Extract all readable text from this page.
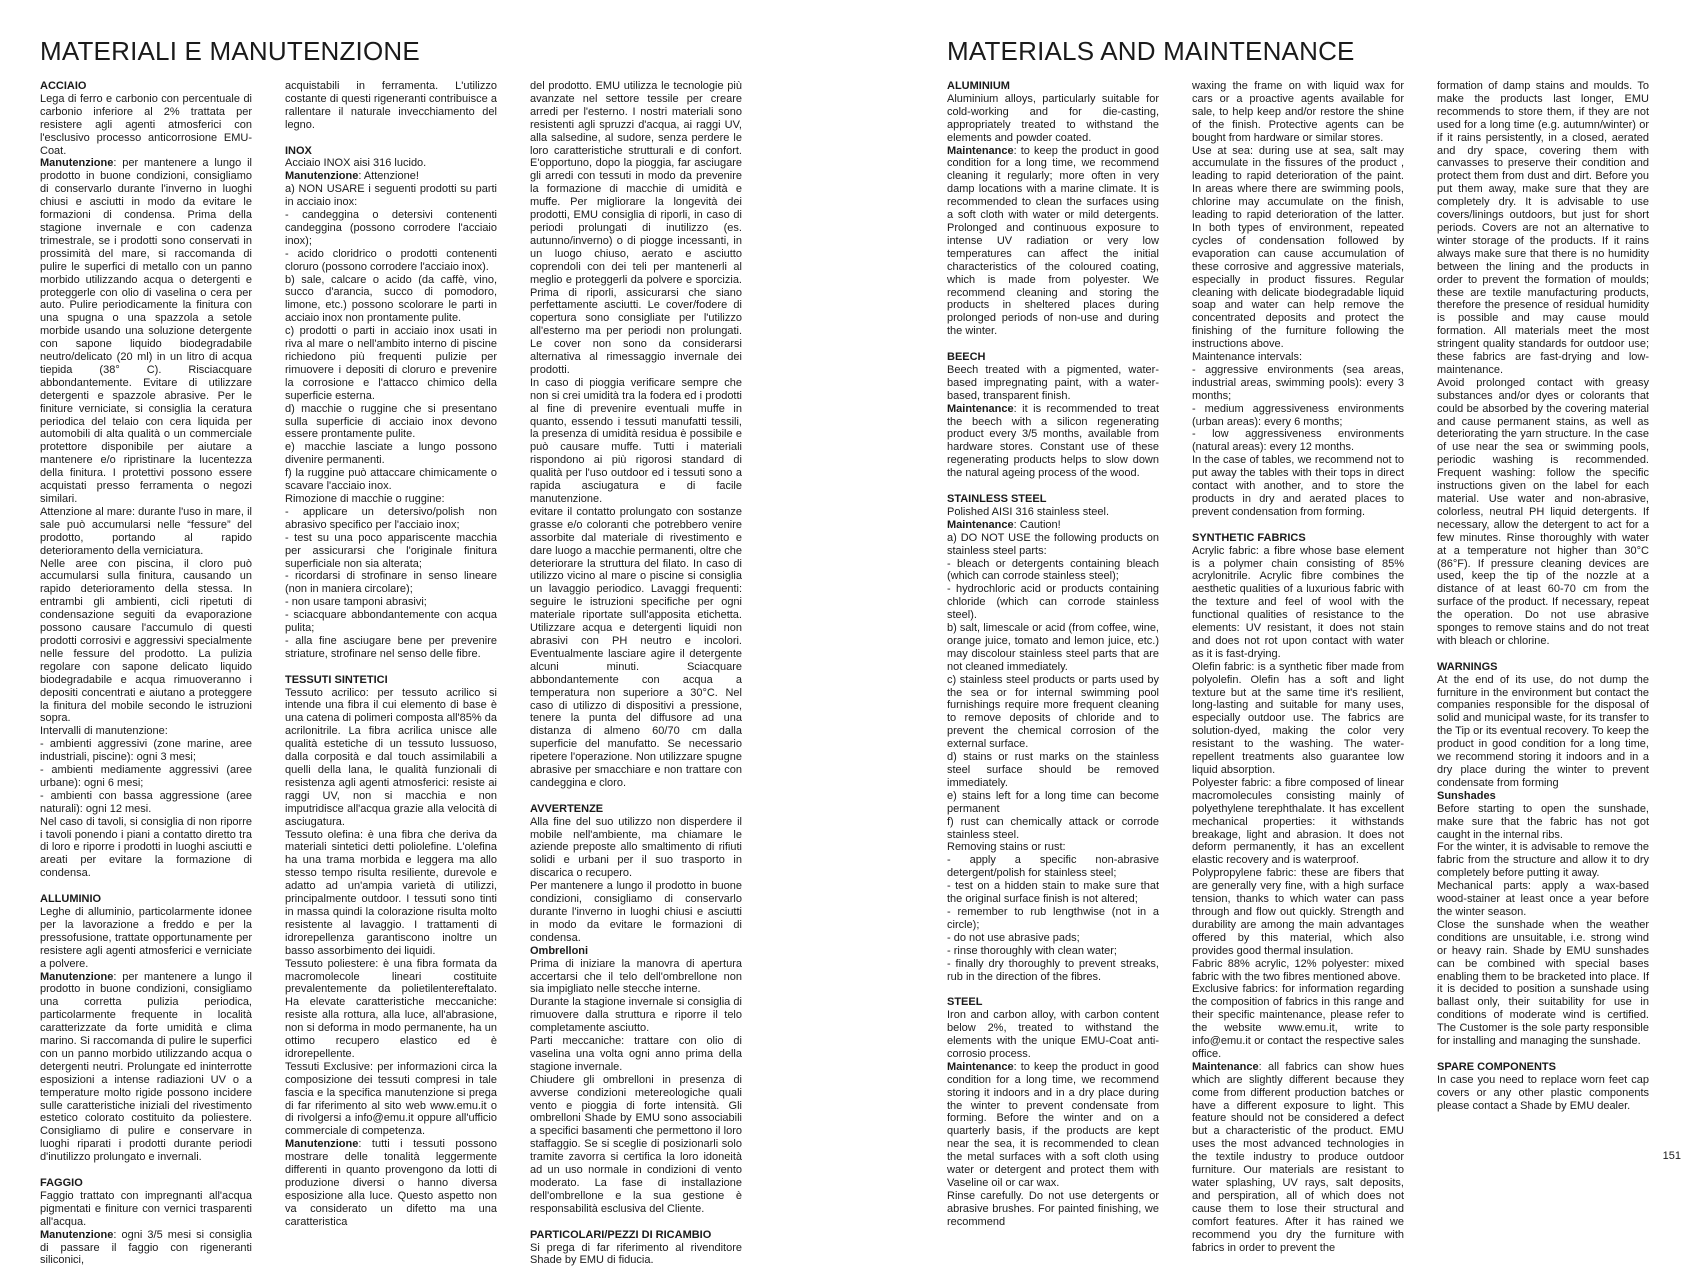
MATERIALI E MANUTENZIONE
ACCIAIO

Lega di ferro e carbonio con percentuale di carbonio inferiore al 2% trattata per resistere agli agenti atmosferici con l'esclusivo processo anticorrosione EMU-Coat.

Manutenzione: per mantenere a lungo il prodotto in buone condizioni, consigliamo di conservarlo durante l'inverno in luoghi chiusi e asciutti in modo da evitare le formazioni di condensa. Prima della stagione invernale e con cadenza trimestrale, se i prodotti sono conservati in prossimità del mare, si raccomanda di pulire le superfici di metallo con un panno morbido utilizzando acqua o detergenti e proteggerle con olio di vaselina o cera per auto. Pulire periodicamente la finitura con una spugna o una spazzola a setole morbide usando una soluzione detergente con sapone liquido biodegradabile neutro/delicato (20 ml) in un litro di acqua tiepida (38° C). Risciacquare abbondantemente. Evitare di utilizzare detergenti e spazzole abrasive. Per le finiture verniciate, si consiglia la ceratura periodica del telaio con cera liquida per automobili di alta qualità o un commerciale protettore disponibile per aiutare a mantenere e/o ripristinare la lucentezza della finitura. I protettivi possono essere acquistati presso ferramenta o negozi similari.

Attenzione al mare: durante l'uso in mare, il sale può accumularsi nelle “fessure” del prodotto, portando al rapido deterioramento della verniciatura.

Nelle aree con piscina, il cloro può accumularsi sulla finitura, causando un rapido deterioramento della stessa. In entrambi gli ambienti, cicli ripetuti di condensazione seguiti da evaporazione possono causare l'accumulo di questi prodotti corrosivi e aggressivi specialmente nelle fessure del prodotto. La pulizia regolare con sapone delicato liquido biodegradabile e acqua rimuoveranno i depositi concentrati e aiutano a proteggere la finitura del mobile secondo le istruzioni sopra.

Intervalli di manutenzione:

- ambienti aggressivi (zone marine, aree industriali, piscine): ogni 3 mesi;

- ambienti mediamente aggressivi (aree urbane): ogni 6 mesi;

- ambienti con bassa aggressione (aree naturali): ogni 12 mesi.

Nel caso di tavoli, si consiglia di non riporre i tavoli ponendo i piani a contatto diretto tra di loro e riporre i prodotti in luoghi asciutti e areati per evitare la formazione di condensa.

ALLUMINIO

Leghe di alluminio, particolarmente idonee per la lavorazione a freddo e per la pressofusione, trattate opportunamente per resistere agli agenti atmosferici e verniciate a polvere.

Manutenzione: per mantenere a lungo il prodotto in buone condizioni, consigliamo una corretta pulizia periodica, particolarmente frequente in località caratterizzate da forte umidità e clima marino. Si raccomanda di pulire le superfici con un panno morbido utilizzando acqua o detergenti neutri. Prolungate ed ininterrotte esposizioni a intense radiazioni UV o a temperature molto rigide possono incidere sulle caratteristiche iniziali del rivestimento estetico colorato costituito da poliestere. Consigliamo di pulire e conservare in luoghi riparati i prodotti durante periodi d'inutilizzo prolungato e invernali.

FAGGIO

Faggio trattato con impregnanti all'acqua pigmentati e finiture con vernici trasparenti all'acqua.

Manutenzione: ogni 3/5 mesi si consiglia di passare il faggio con rigeneranti siliconici,

acquistabili in ferramenta. L'utilizzo costante di questi rigeneranti contribuisce a rallentare il naturale invecchiamento del legno.

INOX

Acciaio INOX aisi 316 lucido.

Manutenzione: Attenzione!

a) NON USARE i seguenti prodotti su parti in acciaio inox:

- candeggina o detersivi contenenti candeggina (possono corrodere l'acciaio inox);

- acido cloridrico o prodotti contenenti cloruro (possono corrodere l'acciaio inox).

b) sale, calcare o acido (da caffè, vino, succo d'arancia, succo di pomodoro, limone, etc.) possono scolorare le parti in acciaio inox non prontamente pulite.

c) prodotti o parti in acciaio inox usati in riva al mare o nell'ambito interno di piscine richiedono più frequenti pulizie per rimuovere i depositi di cloruro e prevenire la corrosione e l'attacco chimico della superficie esterna.

d) macchie o ruggine che si presentano sulla superficie di acciaio inox devono essere prontamente pulite.

e) macchie lasciate a lungo possono divenire permanenti.

f) la ruggine può attaccare chimicamente o scavare l'acciaio inox.

Rimozione di macchie o ruggine:

- applicare un detersivo/polish non abrasivo specifico per l'acciaio inox;

- test su una poco appariscente macchia per assicurarsi che l'originale finitura superficiale non sia alterata;

- ricordarsi di strofinare in senso lineare (non in maniera circolare);

- non usare tamponi abrasivi;

- sciacquare abbondantemente con acqua pulita;

- alla fine asciugare bene per prevenire striature, strofinare nel senso delle fibre.

TESSUTI SINTETICI

Tessuto acrilico: per tessuto acrilico si intende una fibra il cui elemento di base è una catena di polimeri composta all'85% da acrilonitrile. La fibra acrilica unisce alle qualità estetiche di un tessuto lussuoso, dalla corposità e dal touch assimilabili a quelli della lana, le qualità funzionali di resistenza agli agenti atmosferici: resiste ai raggi UV, non si macchia e non imputridisce all'acqua grazie alla velocità di asciugatura.

Tessuto olefina: è una fibra che deriva da materiali sintetici detti poliolefine. L'olefina ha una trama morbida e leggera ma allo stesso tempo risulta resiliente, durevole e adatto ad un'ampia varietà di utilizzi, principalmente outdoor. I tessuti sono tinti in massa quindi la colorazione risulta molto resistente al lavaggio. I trattamenti di idrorepellenza garantiscono inoltre un basso assorbimento dei liquidi.

Tessuto poliestere: è una fibra formata da macromolecole lineari costituite prevalentemente da polietilentereftalato. Ha elevate caratteristiche meccaniche: resiste alla rottura, alla luce, all'abrasione, non si deforma in modo permanente, ha un ottimo recupero elastico ed è idrorepellente.

Tessuti Exclusive: per informazioni circa la composizione dei tessuti compresi in tale fascia e la specifica manutenzione si prega di far riferimento al sito web www.emu.it o di rivolgersi a info@emu.it oppure all'ufficio commerciale di competenza.

Manutenzione: tutti i tessuti possono mostrare delle tonalità leggermente differenti in quanto provengono da lotti di produzione diversi o hanno diversa esposizione alla luce. Questo aspetto non va considerato un difetto ma una caratteristica

del prodotto. EMU utilizza le tecnologie più avanzate nel settore tessile per creare arredi per l'esterno. I nostri materiali sono resistenti agli spruzzi d'acqua, ai raggi UV, alla salsedine, al sudore, senza perdere le loro caratteristiche strutturali e di confort. E'opportuno, dopo la pioggia, far asciugare gli arredi con tessuti in modo da prevenire la formazione di macchie di umidità e muffe. Per migliorare la longevità dei prodotti, EMU consiglia di riporli, in caso di periodi prolungati di inutilizzo (es. autunno/inverno) o di piogge incessanti, in un luogo chiuso, aerato e asciutto coprendoli con dei teli per mantenerli al meglio e proteggerli da polvere e sporcizia. Prima di riporli, assicurarsi che siano perfettamente asciutti. Le cover/fodere di copertura sono consigliate per l'utilizzo all'esterno ma per periodi non prolungati. Le cover non sono da considerarsi alternativa al rimessaggio invernale dei prodotti.

In caso di pioggia verificare sempre che non si crei umidità tra la fodera ed i prodotti al fine di prevenire eventuali muffe in quanto, essendo i tessuti manufatti tessili, la presenza di umidità residua è possibile e può causare muffe. Tutti i materiali rispondono ai più rigorosi standard di qualità per l'uso outdoor ed i tessuti sono a rapida asciugatura e di facile manutenzione.

evitare il contatto prolungato con sostanze grasse e/o coloranti che potrebbero venire assorbite dal materiale di rivestimento e dare luogo a macchie permanenti, oltre che deteriorare la struttura del filato. In caso di utilizzo vicino al mare o piscine si consiglia un lavaggio periodico. Lavaggi frequenti: seguire le istruzioni specifiche per ogni materiale riportate sull'apposita etichetta. Utilizzare acqua e detergenti liquidi non abrasivi con PH neutro e incolori. Eventualmente lasciare agire il detergente alcuni minuti. Sciacquare abbondantemente con acqua a temperatura non superiore a 30°C. Nel caso di utilizzo di dispositivi a pressione, tenere la punta del diffusore ad una distanza di almeno 60/70 cm dalla superficie del manufatto. Se necessario ripetere l'operazione. Non utilizzare spugne abrasive per smacchiare e non trattare con candeggina e cloro.

AVVERTENZE

Alla fine del suo utilizzo non disperdere il mobile nell'ambiente, ma chiamare le aziende preposte allo smaltimento di rifiuti solidi e urbani per il suo trasporto in discarica o recupero.

Per mantenere a lungo il prodotto in buone condizioni, consigliamo di conservarlo durante l'inverno in luoghi chiusi e asciutti in modo da evitare le formazioni di condensa.

Ombrelloni

Prima di iniziare la manovra di apertura accertarsi che il telo dell'ombrellone non sia impigliato nelle stecche interne.

Durante la stagione invernale si consiglia di rimuovere dalla struttura e riporre il telo completamente asciutto.

Parti meccaniche: trattare con olio di vaselina una volta ogni anno prima della stagione invernale.

Chiudere gli ombrelloni in presenza di avverse condizioni metereologiche quali vento e pioggia di forte intensità. Gli ombrelloni Shade by EMU sono associabili a specifici basamenti che permettono il loro staffaggio. Se si sceglie di posizionarli solo tramite zavorra si certifica la loro idoneità ad un uso normale in condizioni di vento moderato. La fase di installazione dell'ombrellone e la sua gestione è responsabilità esclusiva del Cliente.

PARTICOLARI/PEZZI DI RICAMBIO

Si prega di far riferimento al rivenditore Shade by EMU di fiducia.

MATERIALS AND MAINTENANCE
ALUMINIUM

Aluminium alloys, particularly suitable for cold-working and for die-casting, appropriately treated to withstand the elements and powder coated.

Maintenance: to keep the product in good condition for a long time, we recommend cleaning it regularly; more often in very damp locations with a marine climate. It is recommended to clean the surfaces using a soft cloth with water or mild detergents. Prolonged and continuous exposure to intense UV radiation or very low temperatures can affect the initial characteristics of the coloured coating, which is made from polyester. We recommend cleaning and storing the products in sheltered places during prolonged periods of non-use and during the winter.

BEECH

Beech treated with a pigmented, water-based impregnating paint, with a water-based, transparent finish.

Maintenance: it is recommended to treat the beech with a silicon regenerating product every 3/5 months, available from hardware stores. Constant use of these regenerating products helps to slow down the natural ageing process of the wood.

STAINLESS STEEL

Polished AISI 316 stainless steel.

Maintenance: Caution!

a) DO NOT USE the following products on stainless steel parts:

- bleach or detergents containing bleach (which can corrode stainless steel);

- hydrochloric acid or products containing chloride (which can corrode stainless steel).

b) salt, limescale or acid (from coffee, wine, orange juice, tomato and lemon juice, etc.) may discolour stainless steel parts that are not cleaned immediately.

c) stainless steel products or parts used by the sea or for internal swimming pool furnishings require more frequent cleaning to remove deposits of chloride and to prevent the chemical corrosion of the external surface.

d) stains or rust marks on the stainless steel surface should be removed immediately.

e) stains left for a long time can become permanent

f) rust can chemically attack or corrode stainless steel.

Removing stains or rust:

- apply a specific non-abrasive detergent/polish for stainless steel;

- test on a hidden stain to make sure that the original surface finish is not altered;

- remember to rub lengthwise (not in a circle);

- do not use abrasive pads;

- rinse thoroughly with clean water;

- finally dry thoroughly to prevent streaks, rub in the direction of the fibres.

STEEL

Iron and carbon alloy, with carbon content below 2%, treated to withstand the elements with the unique EMU-Coat anti-corrosio process.

Maintenance: to keep the product in good condition for a long time, we recommend storing it indoors and in a dry place during the winter to prevent condensate from forming. Before the winter and on a quarterly basis, if the products are kept near the sea, it is recommended to clean the metal surfaces with a soft cloth using water or detergent and protect them with Vaseline oil or car wax.

Rinse carefully. Do not use detergents or abrasive brushes. For painted finishing, we recommend

waxing the frame on with liquid wax for cars or a proactive agents available for sale, to help keep and/or restore the shine of the finish. Protective agents can be bought from hardware or similar stores.

Use at sea: during use at sea, salt may accumulate in the fissures of the product , leading to rapid deterioration of the paint. In areas where there are swimming pools, chlorine may accumulate on the finish, leading to rapid deterioration of the latter. In both types of environment, repeated cycles of condensation followed by evaporation can cause accumulation of these corrosive and aggressive materials, especially in product fissures. Regular cleaning with delicate biodegradable liquid soap and water can help remove the concentrated deposits and protect the finishing of the furniture following the instructions above.

Maintenance intervals:

- aggressive environments (sea areas, industrial areas, swimming pools): every 3 months;

- medium aggressiveness environments (urban areas): every 6 months;

- low aggressiveness environments (natural areas): every 12 months.

In the case of tables, we recommend not to put away the tables with their tops in direct contact with another, and to store the products in dry and aerated places to prevent condensation from forming.

SYNTHETIC FABRICS

Acrylic fabric: a fibre whose base element is a polymer chain consisting of 85% acrylonitrile. Acrylic fibre combines the aesthetic qualities of a luxurious fabric with the texture and feel of wool with the functional qualities of resistance to the elements: UV resistant, it does not stain and does not rot upon contact with water as it is fast-drying.

Olefin fabric: is a synthetic fiber made from polyolefin. Olefin has a soft and light texture but at the same time it's resilient, long-lasting and suitable for many uses, especially outdoor use. The fabrics are solution-dyed, making the color very resistant to the washing. The water-repellent treatments also guarantee low liquid absorption.

Polyester fabric: a fibre composed of linear macromolecules consisting mainly of polyethylene terephthalate. It has excellent mechanical properties: it withstands breakage, light and abrasion. It does not deform permanently, it has an excellent elastic recovery and is waterproof.

Polypropylene fabric: these are fibers that are generally very fine, with a high surface tension, thanks to which water can pass through and flow out quickly. Strength and durability are among the main advantages offered by this material, which also provides good thermal insulation.

Fabric 88% acrylic, 12% polyester: mixed fabric with the two fibres mentioned above.

Exclusive fabrics: for information regarding the composition of fabrics in this range and their specific maintenance, please refer to the website www.emu.it, write to info@emu.it or contact the respective sales office.

Maintenance: all fabrics can show hues which are slightly different because they come from different production batches or have a different exposure to light. This feature should not be considered a defect but a characteristic of the product. EMU uses the most advanced technologies in the textile industry to produce outdoor furniture. Our materials are resistant to water splashing, UV rays, salt deposits, and perspiration, all of which does not cause them to lose their structural and comfort features. After it has rained we recommend you dry the furniture with fabrics in order to prevent the

formation of damp stains and moulds. To make the products last longer, EMU recommends to store them, if they are not used for a long time (e.g. autumn/winter) or if it rains persistently, in a closed, aerated and dry space, covering them with canvasses to preserve their condition and protect them from dust and dirt. Before you put them away, make sure that they are completely dry. It is advisable to use covers/linings outdoors, but just for short periods. Covers are not an alternative to winter storage of the products. If it rains always make sure that there is no humidity between the lining and the products in order to prevent the formation of moulds; these are textile manufacturing products, therefore the presence of residual humidity is possible and may cause mould formation. All materials meet the most stringent quality standards for outdoor use; these fabrics are fast-drying and low-maintenance.

Avoid prolonged contact with greasy substances and/or dyes or colorants that could be absorbed by the covering material and cause permanent stains, as well as deteriorating the yarn structure. In the case of use near the sea or swimming pools, periodic washing is recommended. Frequent washing: follow the specific instructions given on the label for each material. Use water and non-abrasive, colorless, neutral PH liquid detergents. If necessary, allow the detergent to act for a few minutes. Rinse thoroughly with water at a temperature not higher than 30°C (86°F). If pressure cleaning devices are used, keep the tip of the nozzle at a distance of at least 60-70 cm from the surface of the product. If necessary, repeat the operation. Do not use abrasive sponges to remove stains and do not treat with bleach or chlorine.

WARNINGS

At the end of its use, do not dump the furniture in the environment but contact the companies responsible for the disposal of solid and municipal waste, for its transfer to the Tip or its eventual recovery. To keep the product in good condition for a long time, we recommend storing it indoors and in a dry place during the winter to prevent condensate from forming

Sunshades

Before starting to open the sunshade, make sure that the fabric has not got caught in the internal ribs.

For the winter, it is advisable to remove the fabric from the structure and allow it to dry completely before putting it away.

Mechanical parts: apply a wax-based wood-stainer at least once a year before the winter season.

Close the sunshade when the weather conditions are unsuitable, i.e. strong wind or heavy rain. Shade by EMU sunshades can be combined with special bases enabling them to be bracketed into place. If it is decided to position a sunshade using ballast only, their suitability for use in conditions of moderate wind is certified. The Customer is the sole party responsible for installing and managing the sunshade.

SPARE COMPONENTS

In case you need to replace worn feet cap covers or any other plastic components please contact a Shade by EMU dealer.

151
